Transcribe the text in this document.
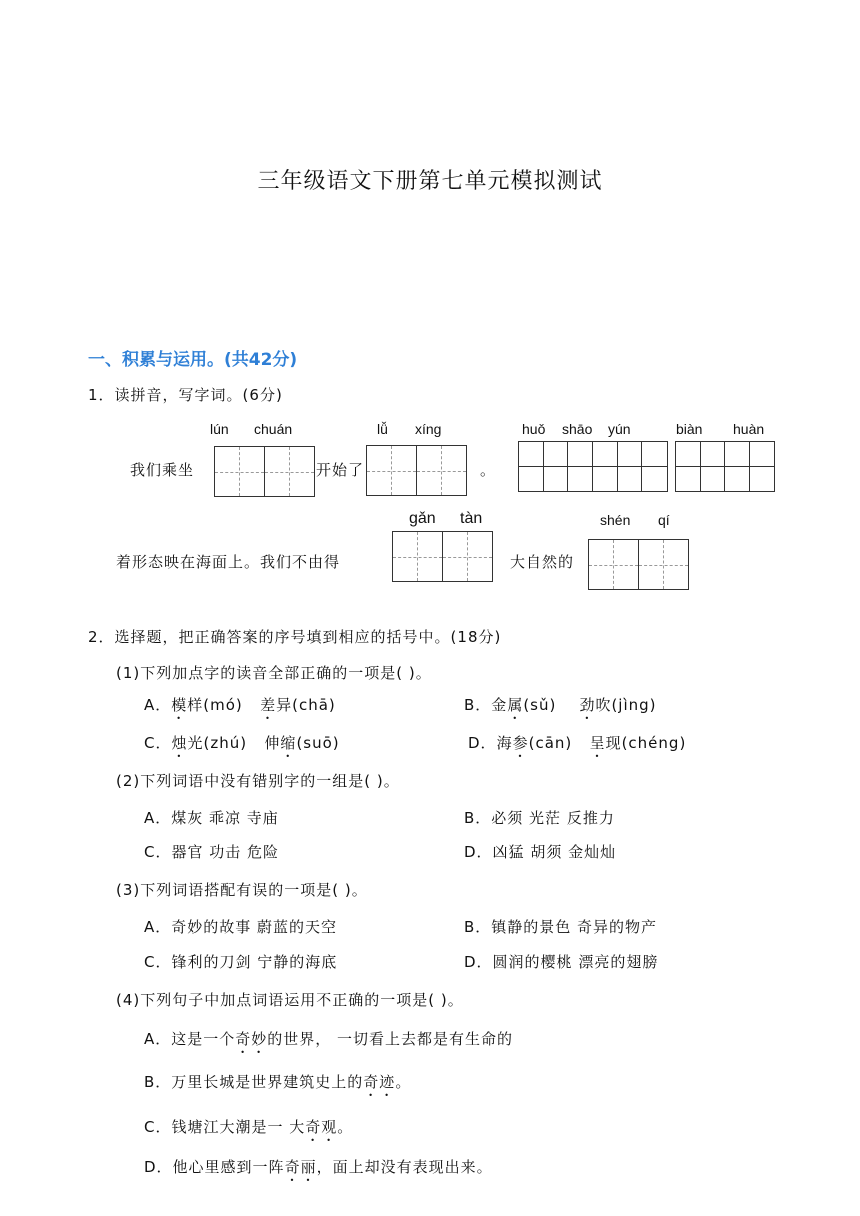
三年级语文下册第七单元模拟测试
一、积累与运用。(共42分)
1．读拼音，写字词。(6分)
lún chuán	lǚ xíng	huǒ shāo yún	biàn huàn
我们乘坐	开始了	。
gǎn tàn	shén qí
着形态映在海面上。我们不由得	大自然的
2．选择题，把正确答案的序号填到相应的括号中。(18分)
(1)下列加点字的读音全部正确的一项是( )。
A．模样(mó) 差异(chā)	B．金属(sǔ) 劲吹(jìng)
C．烛光(zhú) 伸缩(suō)	D．海参(cān) 呈现(chéng)
(2)下列词语中没有错别字的一组是( )。
A．煤灰 乖凉 寺庙	B．必须 光茫 反推力
C．器官 功击 危险	D．凶猛 胡须 金灿灿
(3)下列词语搭配有误的一项是( )。
A．奇妙的故事 蔚蓝的天空	B．镇静的景色 奇异的物产
C．锋利的刀剑 宁静的海底	D．圆润的樱桃 漂亮的翅膀
(4)下列句子中加点词语运用不正确的一项是( )。
A．这是一个奇妙的世界， 一切看上去都是有生命的
B．万里长城是世界建筑史上的奇迹。
C．钱塘江大潮是一 大奇观。
D．他心里感到一阵奇丽，面上却没有表现出来。
